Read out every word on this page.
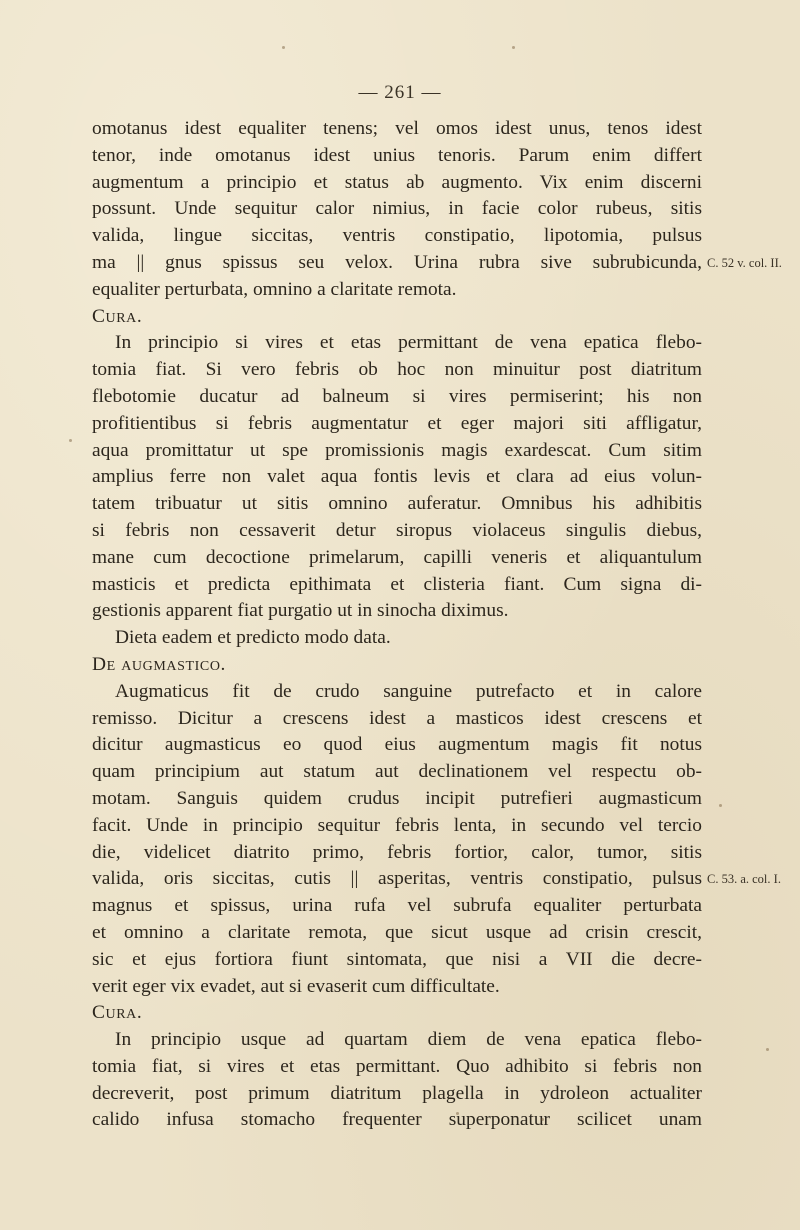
— 261 —
omotanus idest equaliter tenens; vel omos idest unus, tenos idest
tenor, inde omotanus idest unius tenoris. Parum enim differt
augmentum a principio et status ab augmento. Vix enim discerni
possunt. Unde sequitur calor nimius, in facie color rubeus, sitis
valida, lingue siccitas, ventris constipatio, lipotomia, pulsus
ma || gnus spissus seu velox. Urina rubra sive subrubicunda,
equaliter perturbata, omnino a claritate remota.
Cura.
In principio si vires et etas permittant de vena epatica flebo-
tomia fiat. Si vero febris ob hoc non minuitur post diatritum
flebotomie ducatur ad balneum si vires permiserint; his non
profitientibus si febris augmentatur et eger majori siti affligatur,
aqua promittatur ut spe promissionis magis exardescat. Cum sitim
amplius ferre non valet aqua fontis levis et clara ad eius volun-
tatem tribuatur ut sitis omnino auferatur. Omnibus his adhibitis
si febris non cessaverit detur siropus violaceus singulis diebus,
mane cum decoctione primelarum, capilli veneris et aliquantulum
masticis et predicta epithimata et clisteria fiant. Cum signa di-
gestionis apparent fiat purgatio ut in sinocha diximus.
Dieta eadem et predicto modo data.
De augmastico.
Augmaticus fit de crudo sanguine putrefacto et in calore
remisso. Dicitur a crescens idest a masticos idest crescens et
dicitur augmasticus eo quod eius augmentum magis fit notus
quam principium aut statum aut declinationem vel respectu ob-
motam. Sanguis quidem crudus incipit putrefieri augmasticum
facit. Unde in principio sequitur febris lenta, in secundo vel tercio
die, videlicet diatrito primo, febris fortior, calor, tumor, sitis
valida, oris siccitas, cutis || asperitas, ventris constipatio, pulsus
magnus et spissus, urina rufa vel subrufa equaliter perturbata
et omnino a claritate remota, que sicut usque ad crisin crescit,
sic et ejus fortiora fiunt sintomata, que nisi a VII die decre-
verit eger vix evadet, aut si evaserit cum difficultate.
Cura.
In principio usque ad quartam diem de vena epatica flebo-
tomia fiat, si vires et etas permittant. Quo adhibito si febris non
decreverit, post primum diatritum plagella in ydroleon actualiter
calido infusa stomacho frequenter superponatur scilicet unam
C. 52 v. col. II.
C. 53. a. col. I.
